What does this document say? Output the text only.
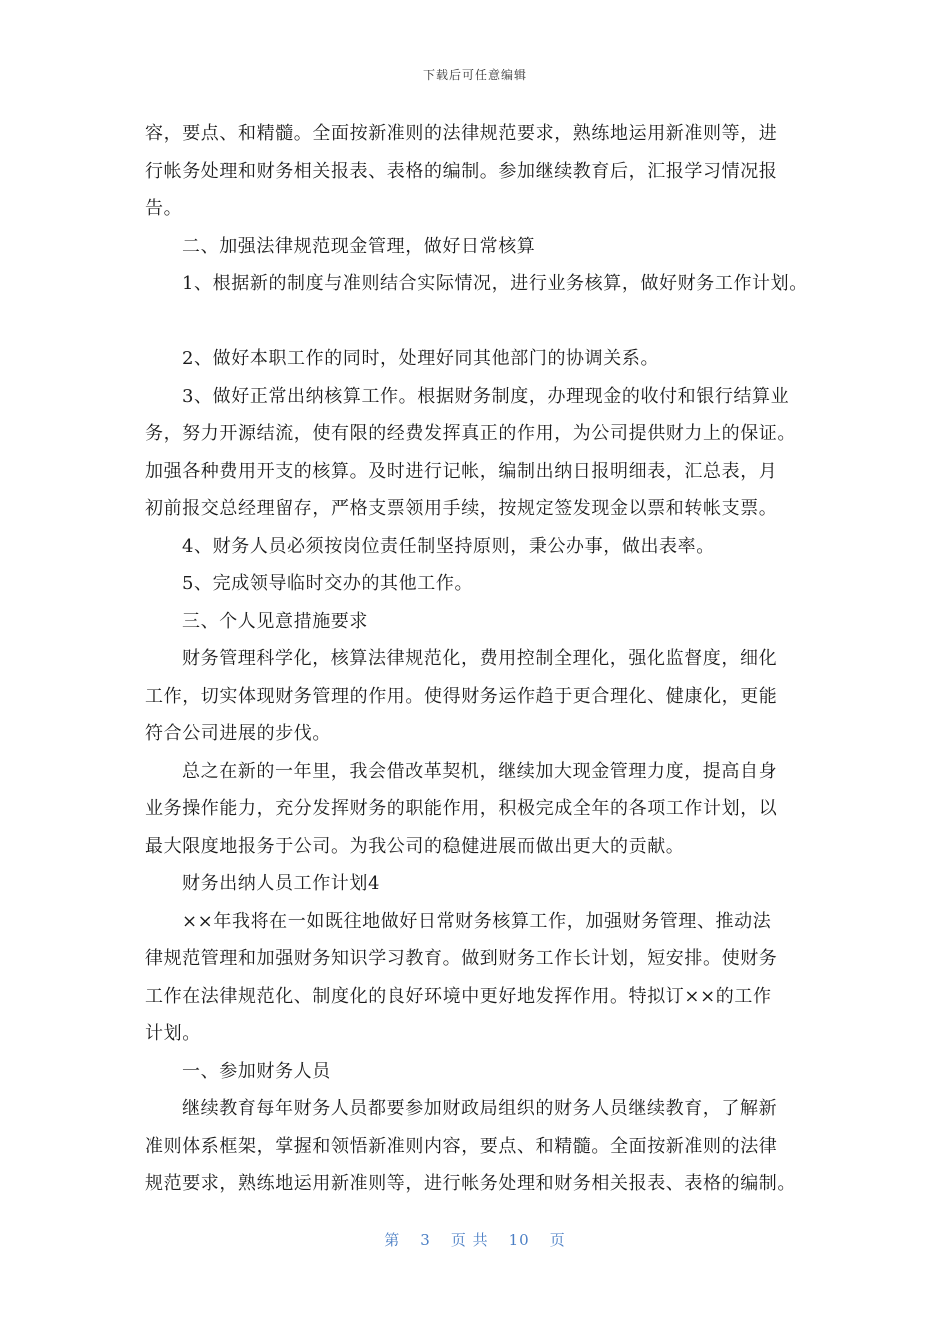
下载后可任意编辑
容，要点、和精髓。全面按新准则的法律规范要求，熟练地运用新准则等，进
行帐务处理和财务相关报表、表格的编制。参加继续教育后，汇报学习情况报
告。
二、加强法律规范现金管理，做好日常核算
1、根据新的制度与准则结合实际情况，进行业务核算，做好财务工作计划。
2、做好本职工作的同时，处理好同其他部门的协调关系。
3、做好正常出纳核算工作。根据财务制度，办理现金的收付和银行结算业
务，努力开源结流，使有限的经费发挥真正的作用，为公司提供财力上的保证。
加强各种费用开支的核算。及时进行记帐，编制出纳日报明细表，汇总表，月
初前报交总经理留存，严格支票领用手续，按规定签发现金以票和转帐支票。
4、财务人员必须按岗位责任制坚持原则，秉公办事，做出表率。
5、完成领导临时交办的其他工作。
三、个人见意措施要求
财务管理科学化，核算法律规范化，费用控制全理化，强化监督度，细化
工作，切实体现财务管理的作用。使得财务运作趋于更合理化、健康化，更能
符合公司进展的步伐。
总之在新的一年里，我会借改革契机，继续加大现金管理力度，提高自身
业务操作能力，充分发挥财务的职能作用，积极完成全年的各项工作计划，以
最大限度地报务于公司。为我公司的稳健进展而做出更大的贡献。
财务出纳人员工作计划4
××年我将在一如既往地做好日常财务核算工作，加强财务管理、推动法
律规范管理和加强财务知识学习教育。做到财务工作长计划，短安排。使财务
工作在法律规范化、制度化的良好环境中更好地发挥作用。特拟订××的工作
计划。
一、参加财务人员
继续教育每年财务人员都要参加财政局组织的财务人员继续教育，了解新
准则体系框架，掌握和领悟新准则内容，要点、和精髓。全面按新准则的法律
规范要求，熟练地运用新准则等，进行帐务处理和财务相关报表、表格的编制。
第 3 页 共 10 页
